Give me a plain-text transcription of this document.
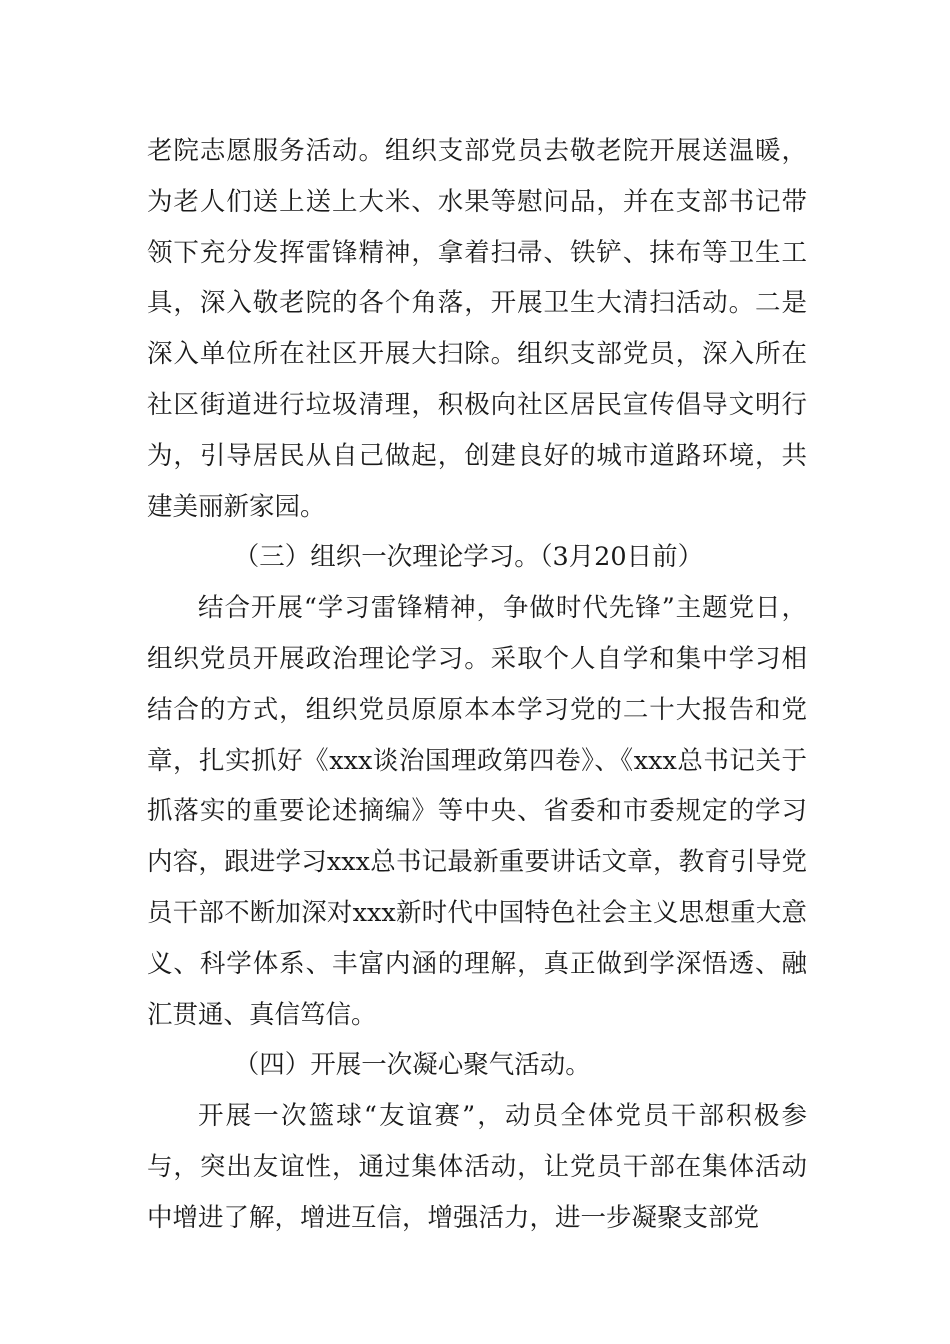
老院志愿服务活动。组织支部党员去敬老院开展送温暖，为老人们送上送上大米、水果等慰问品，并在支部书记带领下充分发挥雷锋精神，拿着扫帚、铁铲、抹布等卫生工具，深入敬老院的各个角落，开展卫生大清扫活动。二是深入单位所在社区开展大扫除。组织支部党员，深入所在社区街道进行垃圾清理，积极向社区居民宣传倡导文明行为，引导居民从自己做起，创建良好的城市道路环境，共建美丽新家园。

（三）组织一次理论学习。（3月20日前）

结合开展“学习雷锋精神，争做时代先锋”主题党日，组织党员开展政治理论学习。采取个人自学和集中学习相结合的方式，组织党员原原本本学习党的二十大报告和党章，扎实抓好《xxx谈治国理政第四卷》、《xxx总书记关于抓落实的重要论述摘编》等中央、省委和市委规定的学习内容，跟进学习xxx总书记最新重要讲话文章，教育引导党员干部不断加深对xxx新时代中国特色社会主义思想重大意义、科学体系、丰富内涵的理解，真正做到学深悟透、融汇贯通、真信笃信。

（四）开展一次凝心聚气活动。

开展一次篮球“友谊赛”，动员全体党员干部积极参与，突出友谊性，通过集体活动，让党员干部在集体活动中增进了解，增进互信，增强活力，进一步凝聚支部党
